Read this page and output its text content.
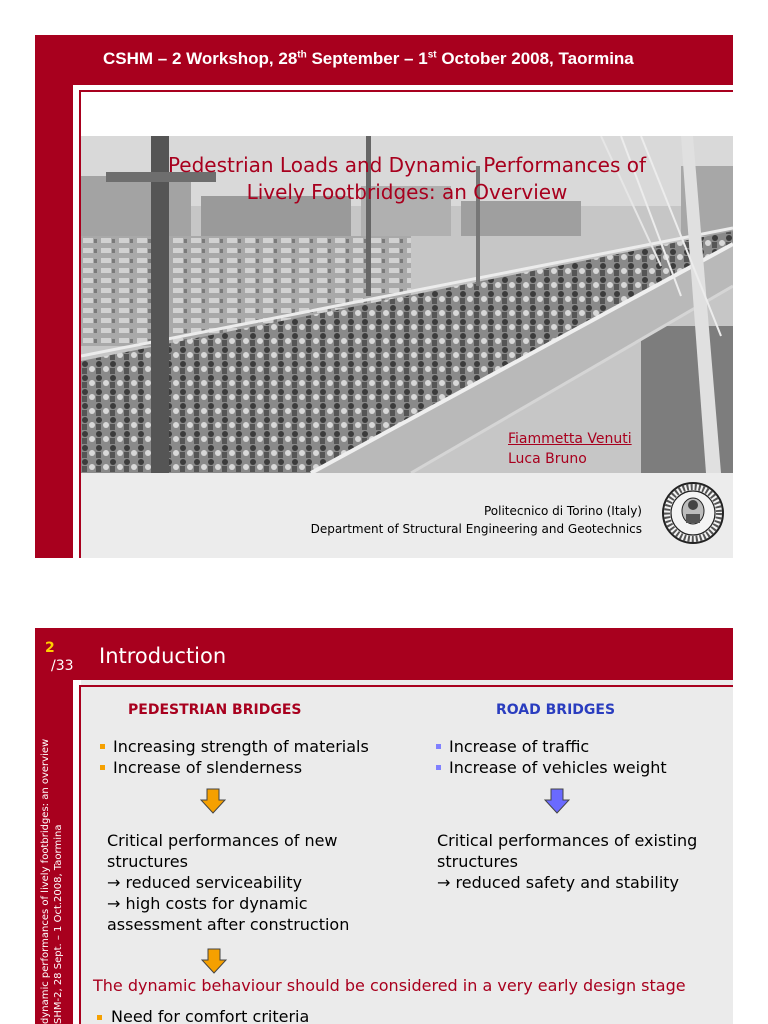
CSHM – 2 Workshop, 28th September – 1st October 2008, Taormina
Pedestrian Loads and Dynamic Performances of
Lively Footbridges: an Overview
Fiammetta Venuti
Luca Bruno
Politecnico di Torino (Italy)
Department of Structural Engineering and Geotechnics
2
/33 Introduction
dynamic performances of lively footbridges: an overview SHM-2, 28 Sept. – 1 Oct.2008, Taormina
PEDESTRIAN BRIDGES	ROAD BRIDGES
Increasing strength of materials
Increase of slenderness
Increase of traffic
Increase of vehicles weight
Critical performances of new structures
→ reduced serviceability
→ high costs for dynamic assessment after construction
Critical performances of existing structures
→ reduced safety and stability
The dynamic behaviour should be considered in a very early design stage
Need for comfort criteria
